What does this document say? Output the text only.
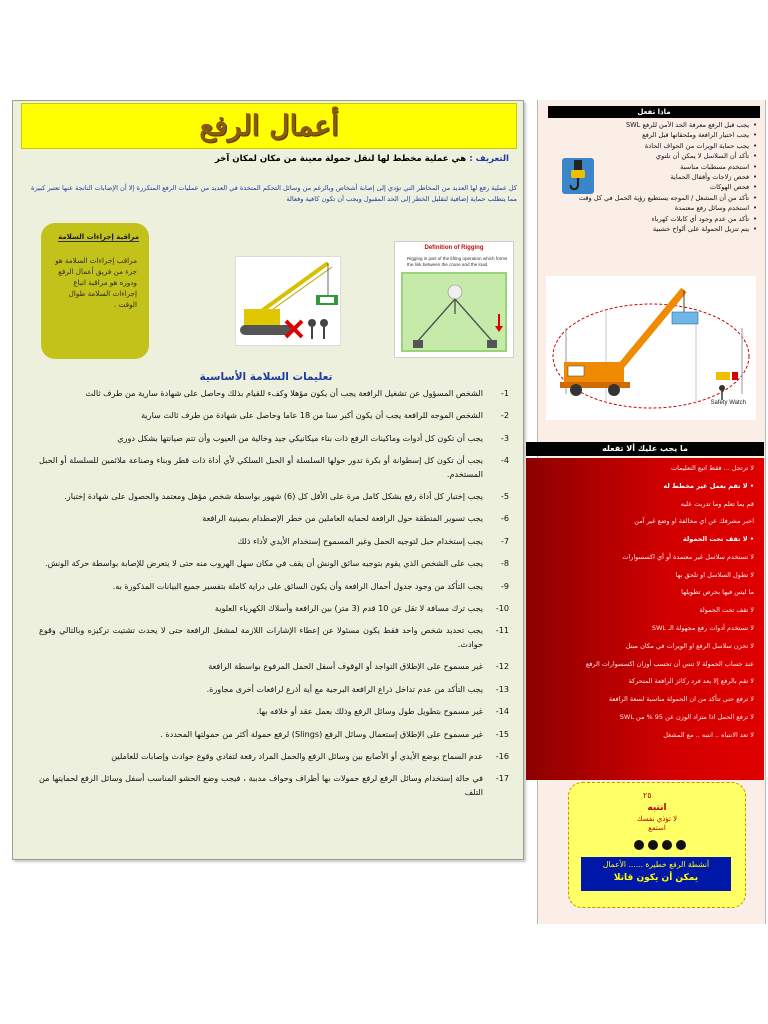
أعمال الرفع
التعريف : هي عملية مخطط لها لنقل حمولة معينة من مكان لمكان آخر
كل عملية رفع لها العديد من المخاطر التي تؤدي إلى إصابة أشخاص وبالرغم من وسائل التحكم المتخذة في العديد من عمليات الرفع المتكررة إلا أن الإصابات الناتجة عنها تعتبر كبيرة مما يتطلب حماية إضافية لتقليل الخطر إلى الحد المقبول ويجب أن تكون كافية وفعالة
مراقبة إجراءات السلامة
مراقب إجراءات السلامة هو جزء من فريق أعمال الرفع ودوره هو مراقبة اتباع إجراءات السلامة طوال الوقت .
Definition of Rigging
Rigging is part of the lifting operation which forms the link between the crane and the load
تعليمات السلامة الأساسية
1-
الشخص المسؤول عن تشغيل الرافعة يجب أن يكون مؤهلا وكفء للقيام بذلك وحاصل على شهادة سارية من طرف ثالث
2-
الشخص الموجه للرافعة يجب أن يكون أكبر سنا من 18 عاما وحاصل على شهادة من طرف ثالث سارية
3-
يجب أن تكون كل أدوات وماكينات الرفع ذات بناء ميكانيكي جيد وخالية من العيوب وأن تتم صيانتها بشكل دوري
4-
يجب أن تكون كل إسطوانة أو بكرة تدور حولها السلسلة أو الحبل السلكي لأي أداة ذات قطر وبناء وصناعة ملائمين للسلسلة أو الحبل المستخدم.
5-
يجب إختبار كل أداة رفع بشكل كامل مرة على الأقل كل (6) شهور بواسطة شخص مؤهل ومعتمد والحصول على شهادة إختبار.
6-
يجب تسوير المنطقة حول الرافعة لحماية العاملين من خطر الإصطدام بصينية الرافعة
7-
يجب إستخدام حبل لتوجيه الحمل وغير المسموح إستخدام الأيدي لأداء ذلك
8-
يجب على الشخص الذي يقوم بتوجيه سائق الونش أن يقف في مكان سهل الهروب منه حتى لا يتعرض للإصابة بواسطة حركة الونش.
9-
يجب التأكد من وجود جدول أحمال الرافعة وأن يكون السائق على دراية كاملة بتفسير جميع البيانات المذكورة به.
10-
يجب ترك مسافة لا تقل عن 10 قدم (3 متر) بين الرافعة وأسلاك الكهرباء العلوية
11-
يجب تحديد شخص واحد فقط يكون مسئولا عن إعطاء الإشارات اللازمة لمشغل الرافعة حتى لا يحدث تشتيت تركيزه وبالتالي وقوع حوادث.
12-
غير مسموح على الإطلاق التواجد أو الوقوف أسفل الحمل المرفوع بواسطة الرافعة
13-
يجب التأكد من عدم تداخل ذراع الرافعة البرجية مع أية أذرع لرافعات أخرى مجاورة.
14-
غير مسموح بتطويل طول وسائل الرفع وذلك بعمل عقد أو خلافه بها.
15-
غير مسموح على الإطلاق إستعمال وسائل الرفع (Slings) لرفع حمولة أكثر من حمولتها المحددة .
16-
عدم السماح بوضع الأيدي أو الأصابع بين وسائل الرفع والحمل المراد رفعة لتفادي وقوع حوادث وإصابات للعاملين
17-
في حالة إستخدام وسائل الرفع لرفع حمولات بها أطراف وحواف مدببة ، فيجب وضع الحشو المناسب أسفل وسائل الرفع لحمايتها من التلف
ماذا تفعل
• يجب قبل الرفع معرفة الحد الآمن للرفع SWL
• يجب اختيار الرافعة وملحقاتها قبل الرفع
• يجب حماية الويرات من الحواف الحادة
• تأكد أن السلاسل لا يمكن أن تلتوي
• استخدم مسطبات مناسبة
• فحص زلاجات وأقفال الحماية
• فحص الهوكات
• تأكد من أن المشغل / الموجه يستطيع رؤية الحمل في كل وقت
• استخدم وسائل رفع معتمدة
• تأكد من عدم وجود أي كابلات كهرباء
• يتم تنزيل الحمولة على ألواح خشبية
Safety Watch
ما يجب عليك ألا تفعله
لا ترتجل ... فقط اتبع التعليمات
• لا تقم بعمل غير مخطط له
قم بما تعلم وما تدربت عليه
اخبر مشرفك عن اي مخالفة او وضع غير آمن
• لا تقف تحت الحمولة
لا تستخدم سلاسل غير معتمدة أو أي اكسسوارات
لا تطول السلاسل او تلحق بها
ما ليس فيها بحرص تطويلها
لا تقف تحت الحمولة
لا تستخدم أدوات رفع مجهولة الـ SWL
لا تخزن سلاسل الرفع او الويرات في مكان مبتل
عند حساب الحمولة لا تنس أن تحسب أوزان اكسسوارات الرفع
لا تقم بالرفع إلا بعد فرد ركائز الرافعة المتحركة
لا ترفع حتى تتأكد من ان الحمولة مناسبة لسعة الرافعة
لا ترفع الحمل اذا متزاد الوزن عن 95 % من SWL
لا تعد الانتباه .. انتبه .. مع المشغل
٢٥
انتبه
لا تؤذي نفسك
استمع
أنشطة الرفع خطيرة ...... الأعمال
يمكن أن يكون قاتلا
